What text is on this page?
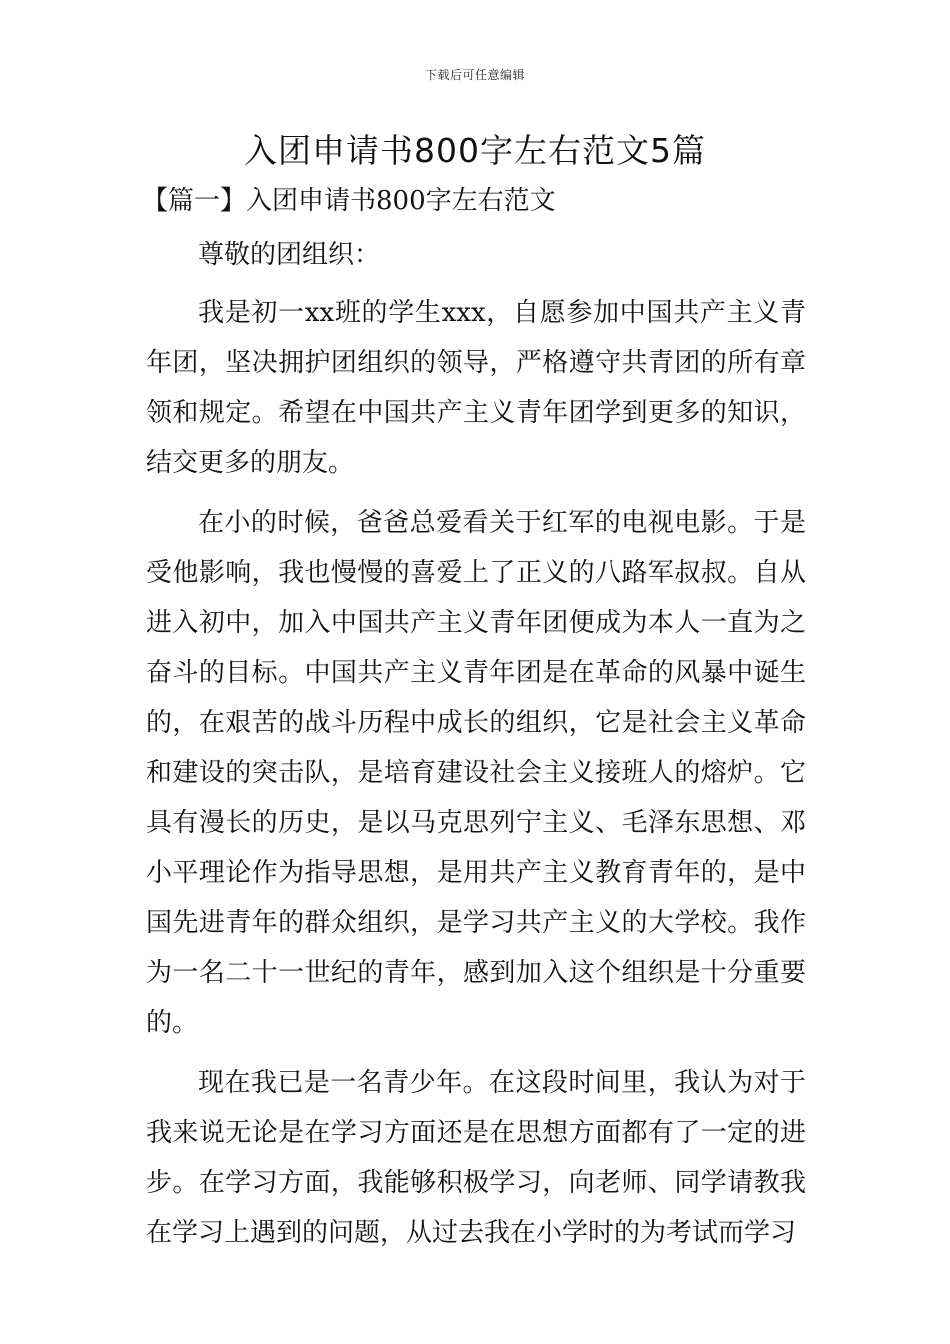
下载后可任意编辑
入团申请书800字左右范文5篇

【篇一】入团申请书800字左右范文

尊敬的团组织：

我是初一xx班的学生xxx，自愿参加中国共产主义青年团，坚决拥护团组织的领导，严格遵守共青团的所有章领和规定。希望在中国共产主义青年团学到更多的知识，结交更多的朋友。

在小的时候，爸爸总爱看关于红军的电视电影。于是受他影响，我也慢慢的喜爱上了正义的八路军叔叔。自从进入初中，加入中国共产主义青年团便成为本人一直为之奋斗的目标。中国共产主义青年团是在革命的风暴中诞生的，在艰苦的战斗历程中成长的组织，它是社会主义革命和建设的突击队，是培育建设社会主义接班人的熔炉。它具有漫长的历史，是以马克思列宁主义、毛泽东思想、邓小平理论作为指导思想，是用共产主义教育青年的，是中国先进青年的群众组织，是学习共产主义的大学校。我作为一名二十一世纪的青年，感到加入这个组织是十分重要的。

现在我已是一名青少年。在这段时间里，我认为对于我来说无论是在学习方面还是在思想方面都有了一定的进步。在学习方面，我能够积极学习，向老师、同学请教我在学习上遇到的问题，从过去我在小学时的为考试而学习
